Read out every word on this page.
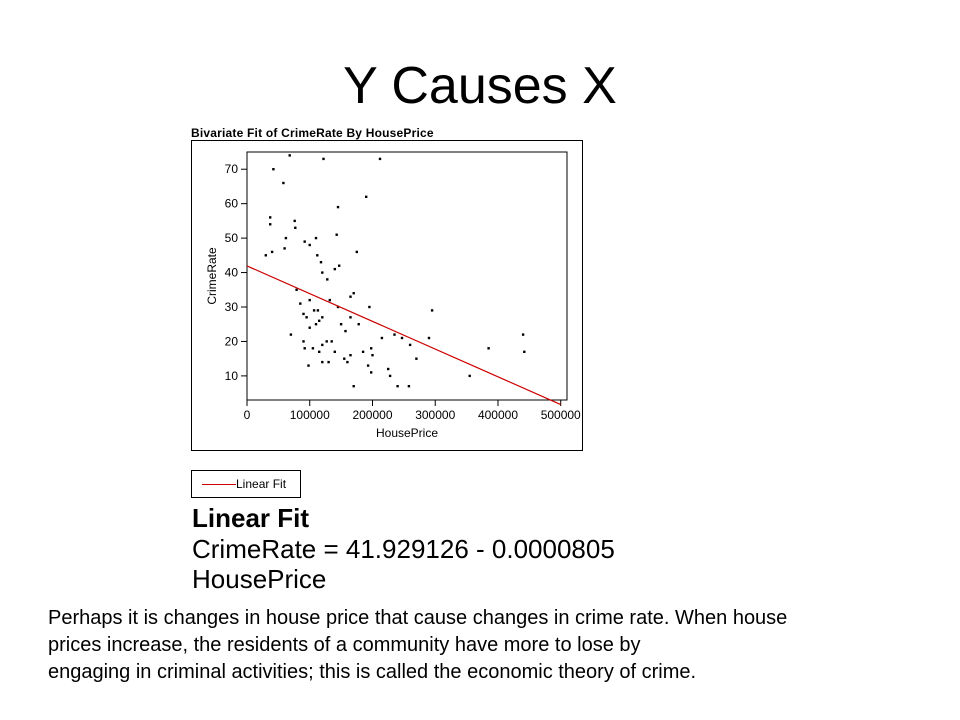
Y Causes X
Bivariate Fit of CrimeRate By HousePrice
10
20
30
40
50
60
70
0	100000 200000 300000 400000 500000
HousePrice
CrimeRate
Linear Fit
Linear Fit
CrimeRate = 41.929126 - 0.0000805
HousePrice
Perhaps it is changes in house price that cause changes in crime rate. When house
prices increase, the residents of a community have more to lose by
engaging in criminal activities; this is called the economic theory of crime.
